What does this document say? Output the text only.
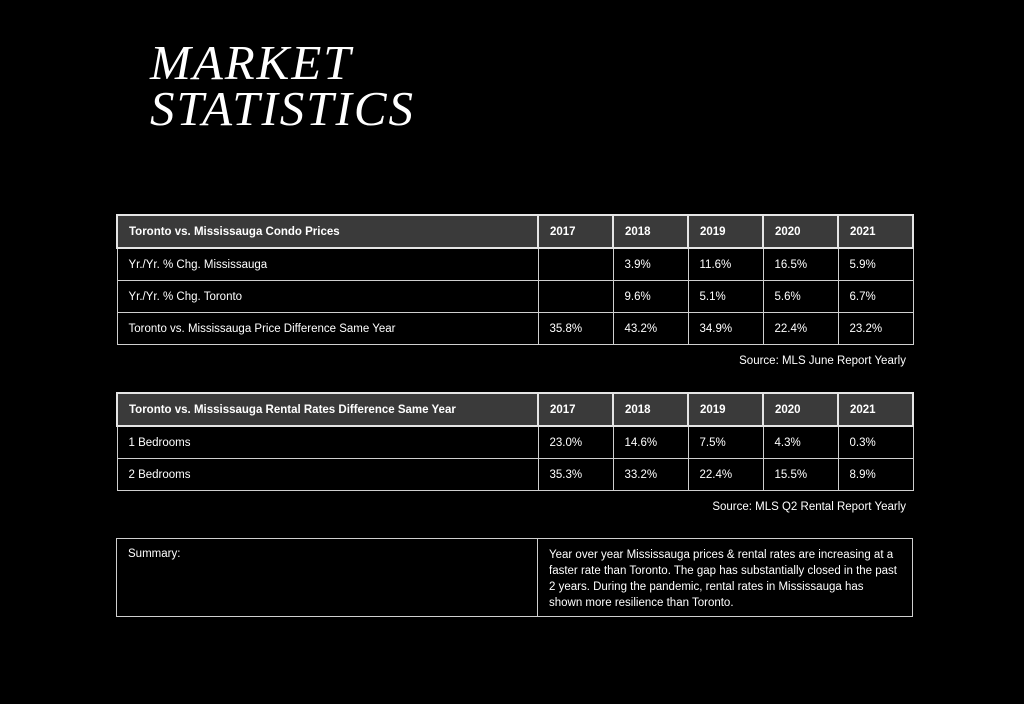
MARKET
STATISTICS
Toronto vs. Mississauga Condo Prices	2017	2018	2019	2020	2021
Yr./Yr. % Chg. Mississauga		3.9%	11.6%	16.5%	5.9%
Yr./Yr. % Chg. Toronto		9.6%	5.1%	5.6%	6.7%
Toronto vs. Mississauga Price Difference Same Year	35.8%	43.2%	34.9%	22.4%	23.2%
Source: MLS June Report Yearly
Toronto vs. Mississauga Rental Rates Difference Same Year	2017	2018	2019	2020	2021
1 Bedrooms	23.0%	14.6%	7.5%	4.3%	0.3%
2 Bedrooms	35.3%	33.2%	22.4%	15.5%	8.9%
Source: MLS Q2 Rental Report Yearly
Summary:	Year over year Mississauga prices & rental rates are increasing at a faster rate than Toronto. The gap has substantially closed in the past 2 years. During the pandemic, rental rates in Mississauga has shown more resilience than Toronto.
